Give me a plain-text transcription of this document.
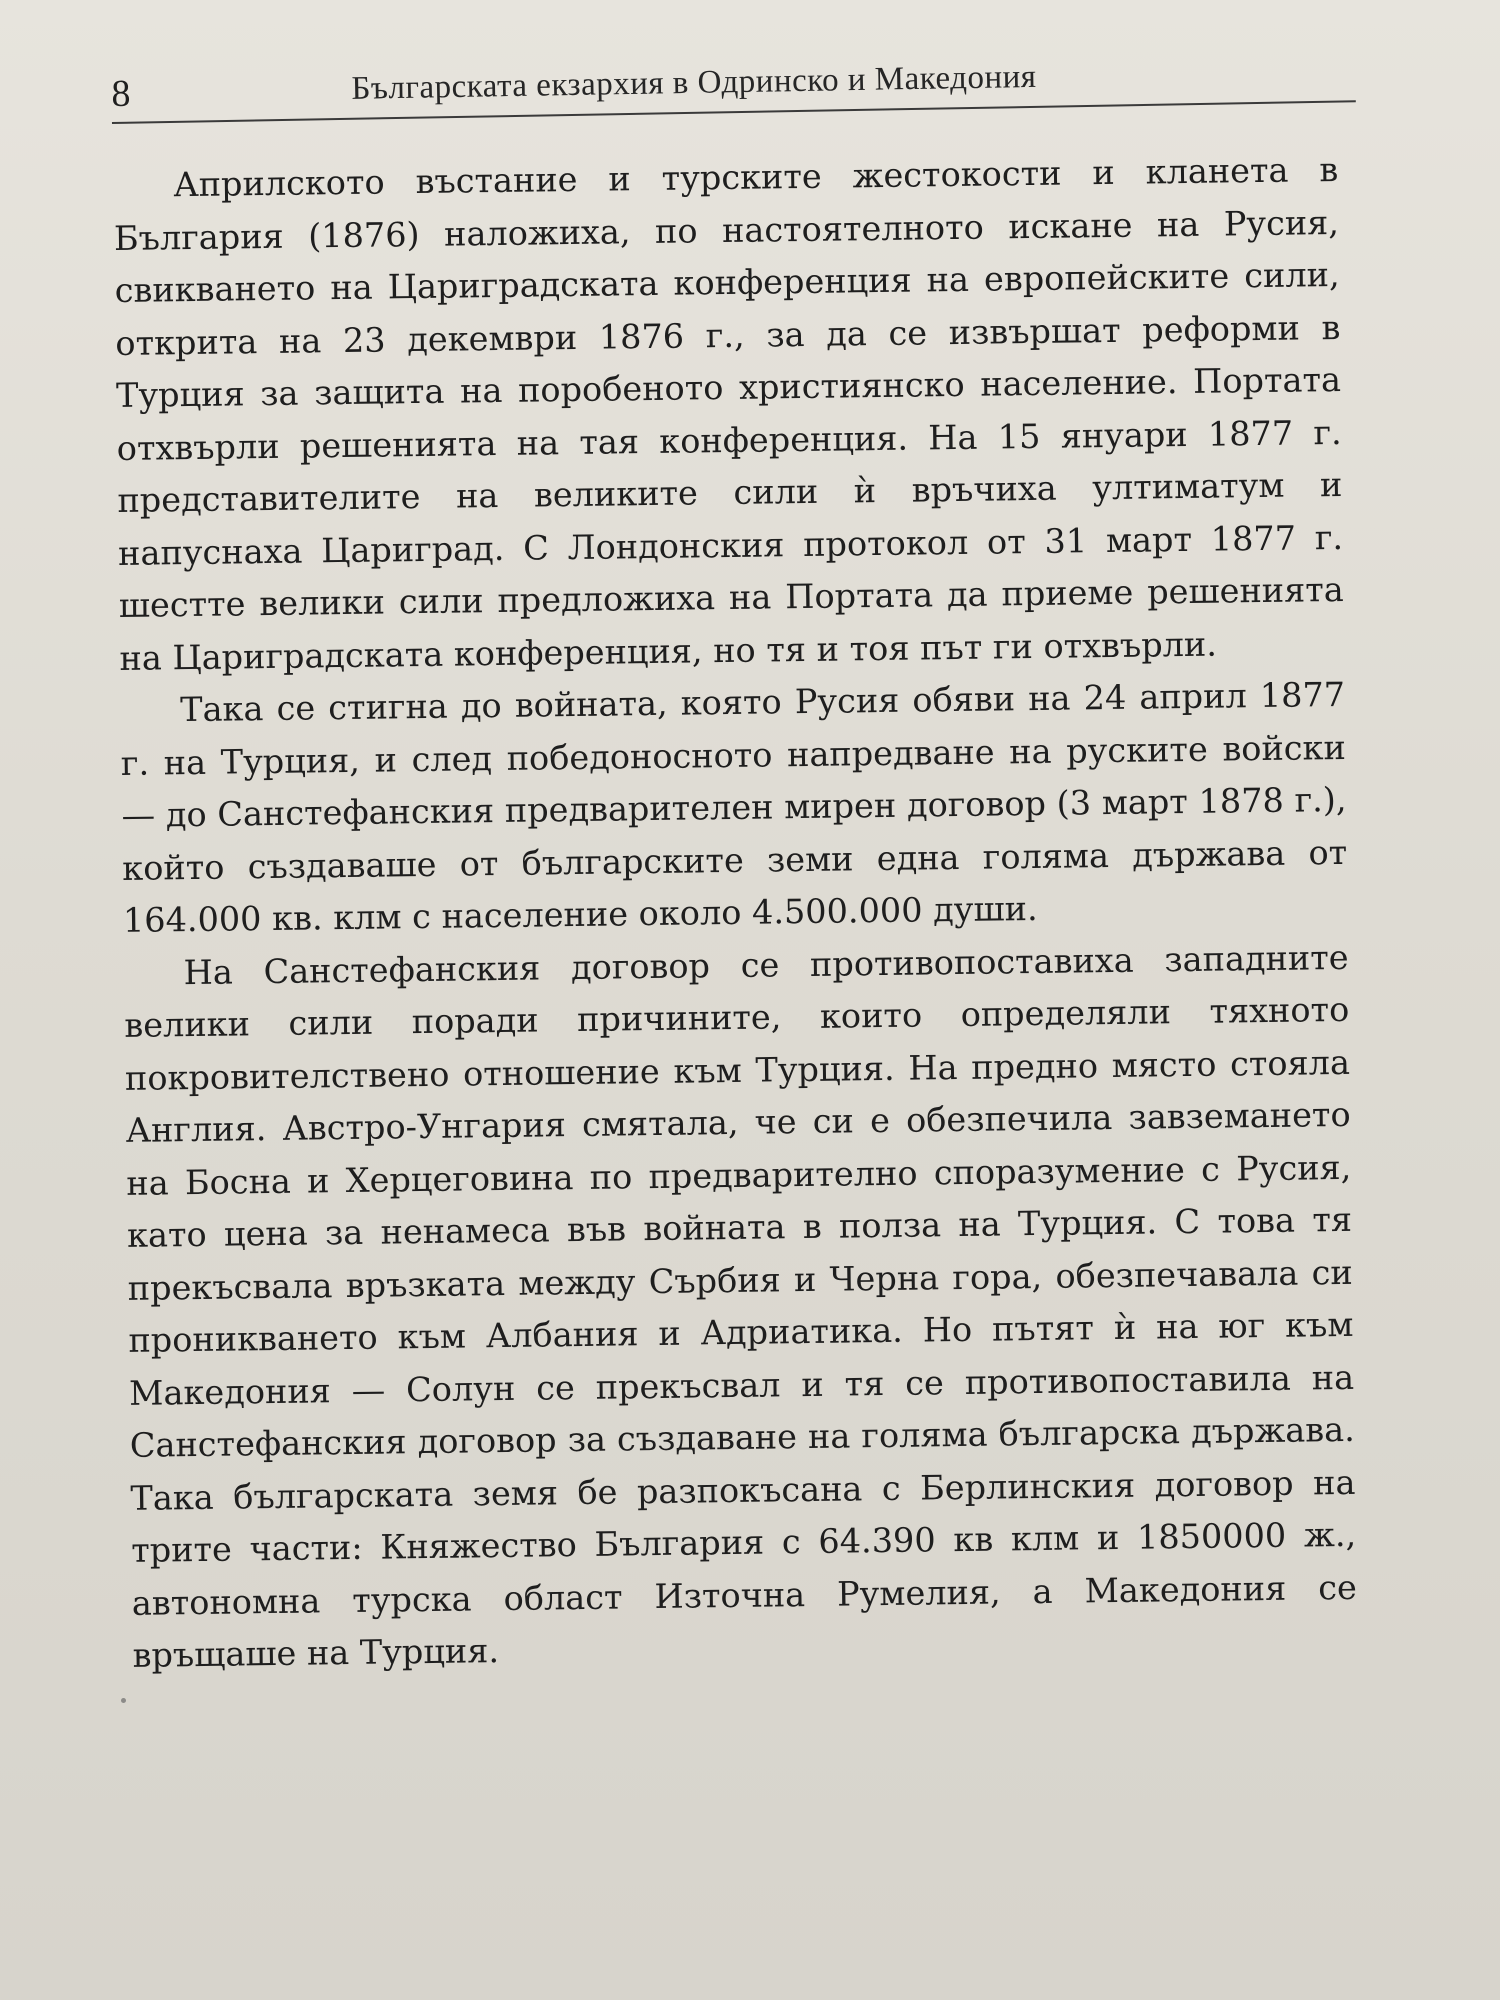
8	Българската екзархия в Одринско и Македония

Априлското въстание и турските жестокости и кланета в България (1876) наложиха, по настоятелното искане на Русия, свикването на Цариградската конференция на европейските сили, открита на 23 декември 1876 г., за да се извършат реформи в Турция за защита на поробеното християнско население. Портата отхвърли решенията на тая конференция. На 15 януари 1877 г. представителите на великите сили ѝ връчиха ултиматум и напуснаха Цариград. С Лондонския протокол от 31 март 1877 г. шестте велики сили предложиха на Портата да приеме решенията на Цариградската конференция, но тя и тоя път ги отхвърли.

Така се стигна до войната, която Русия обяви на 24 април 1877 г. на Турция, и след победоносното напредване на руските войски — до Санстефанския предварителен мирен договор (3 март 1878 г.), който създаваше от българските земи една голяма държава от 164.000 кв. клм с население около 4.500.000 души.

На Санстефанския договор се противопоставиха западните велики сили поради причините, които определяли тяхното покровителствено отношение към Турция. На предно място стояла Англия. Австро-Унгария смятала, че си е обезпечила завземането на Босна и Херцеговина по предварително споразумение с Русия, като цена за ненамеса във войната в полза на Турция. С това тя прекъсвала връзката между Сърбия и Черна гора, обезпечавала си проникването към Албания и Адриатика. Но пътят ѝ на юг към Македония — Солун се прекъсвал и тя се противопоставила на Санстефанския договор за създаване на голяма българска държава. Така българската земя бе разпокъсана с Берлинския договор на трите части: Княжество България с 64.390 кв клм и 1850000 ж., автономна турска област Източна Румелия, а Македония се връщаше на Турция.
